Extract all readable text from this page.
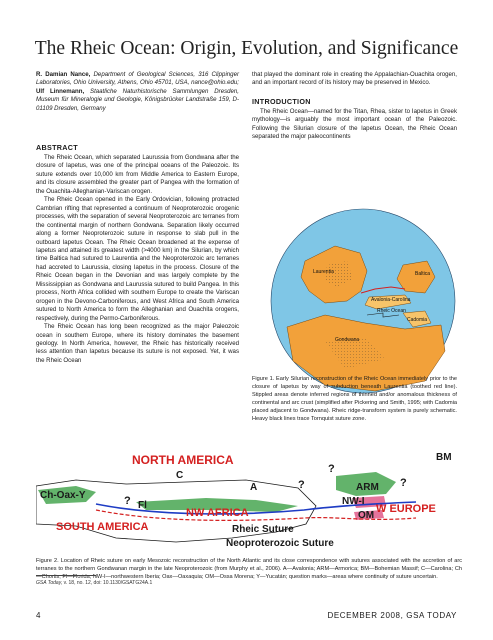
The Rheic Ocean: Origin, Evolution, and Significance

R. Damian Nance, Department of Geological Sciences, 316 Clippinger Laboratories, Ohio University, Athens, Ohio 45701, USA, nance@ohio.edu; Ulf Linnemann, Staatliche Naturhistorische Sammlungen Dresden, Museum für Mineralogie und Geologie, Königsbrücker Landstraße 159, D-01109 Dresden, Germany

ABSTRACT

The Rheic Ocean, which separated Laurussia from Gondwana after the closure of Iapetus, was one of the principal oceans of the Paleozoic. Its suture extends over 10,000 km from Middle America to Eastern Europe, and its closure assembled the greater part of Pangea with the formation of the Ouachita-Alleghanian-Variscan orogen.

The Rheic Ocean opened in the Early Ordovician, following protracted Cambrian rifting that represented a continuum of Neoproterozoic orogenic processes, with the separation of several Neoproterozoic arc terranes from the continental margin of northern Gondwana. Separation likely occurred along a former Neoproterozoic suture in response to slab pull in the outboard Iapetus Ocean. The Rheic Ocean broadened at the expense of Iapetus and attained its greatest width (>4000 km) in the Silurian, by which time Baltica had sutured to Laurentia and the Neoproterozoic arc terranes had accreted to Laurussia, closing Iapetus in the process. Closure of the Rheic Ocean began in the Devonian and was largely complete by the Mississippian as Gondwana and Laurussia sutured to build Pangea. In this process, North Africa collided with southern Europe to create the Variscan orogen in the Devono-Carboniferous, and West Africa and South America sutured to North America to form the Alleghanian and Ouachita orogens, respectively, during the Permo-Carboniferous.

The Rheic Ocean has long been recognized as the major Paleozoic ocean in southern Europe, where its history dominates the basement geology. In North America, however, the Rheic has historically received less attention than Iapetus because its suture is not exposed. Yet, it was the Rheic Ocean

that played the dominant role in creating the Appalachian-Ouachita orogen, and an important record of its history may be preserved in Mexico.

INTRODUCTION

The Rheic Ocean—named for the Titan, Rhea, sister to Iapetus in Greek mythology—is arguably the most important ocean of the Paleozoic. Following the Silurian closure of the Iapetus Ocean, the Rheic Ocean separated the major paleocontinents

Laurentia	Baltica
Avalonia-Carolina
Rheic Ocean
Cadomia
Gondwana

Figure 1. Early Silurian reconstruction of the Rheic Ocean immediately prior to the closure of Iapetus by way of subduction beneath Laurentia (toothed red line). Stippled areas denote inferred regions of thinned and/or anomalous thickness of continental and arc crust (simplified after Pickering and Smith, 1995; with Cadomia placed adjacent to Gondwana). Rheic ridge-transform system is purely schematic. Heavy black lines trace Tornquist suture zone.

NORTH AMERICA
SOUTH AMERICA
NW AFRICA	W EUROPE
BM
Ch-Oax-Y
Fl
C
A	ARM
NW-I
OM
?
?
?
?
Rheic Suture
Neoproterozoic Suture

Figure 2. Location of Rheic suture on early Mesozoic reconstruction of the North Atlantic and its close correspondence with sutures associated with the accretion of arc terranes to the northern Gondwanan margin in the late Neoproterozoic (from Murphy et al., 2006). A—Avalonia; ARM—Armorica; BM—Bohemian Massif; C—Carolina; Ch—Chortis; Fl—Florida; NW-I—northwestern Iberia; Oax—Oaxaquia; OM—Ossa Morena; Y—Yucatán; question marks—areas where continuity of suture uncertain.

GSA Today, v. 18, no. 12, doi: 10.1130/GSATG24A.1
4	DECEMBER 2008, GSA TODAY
